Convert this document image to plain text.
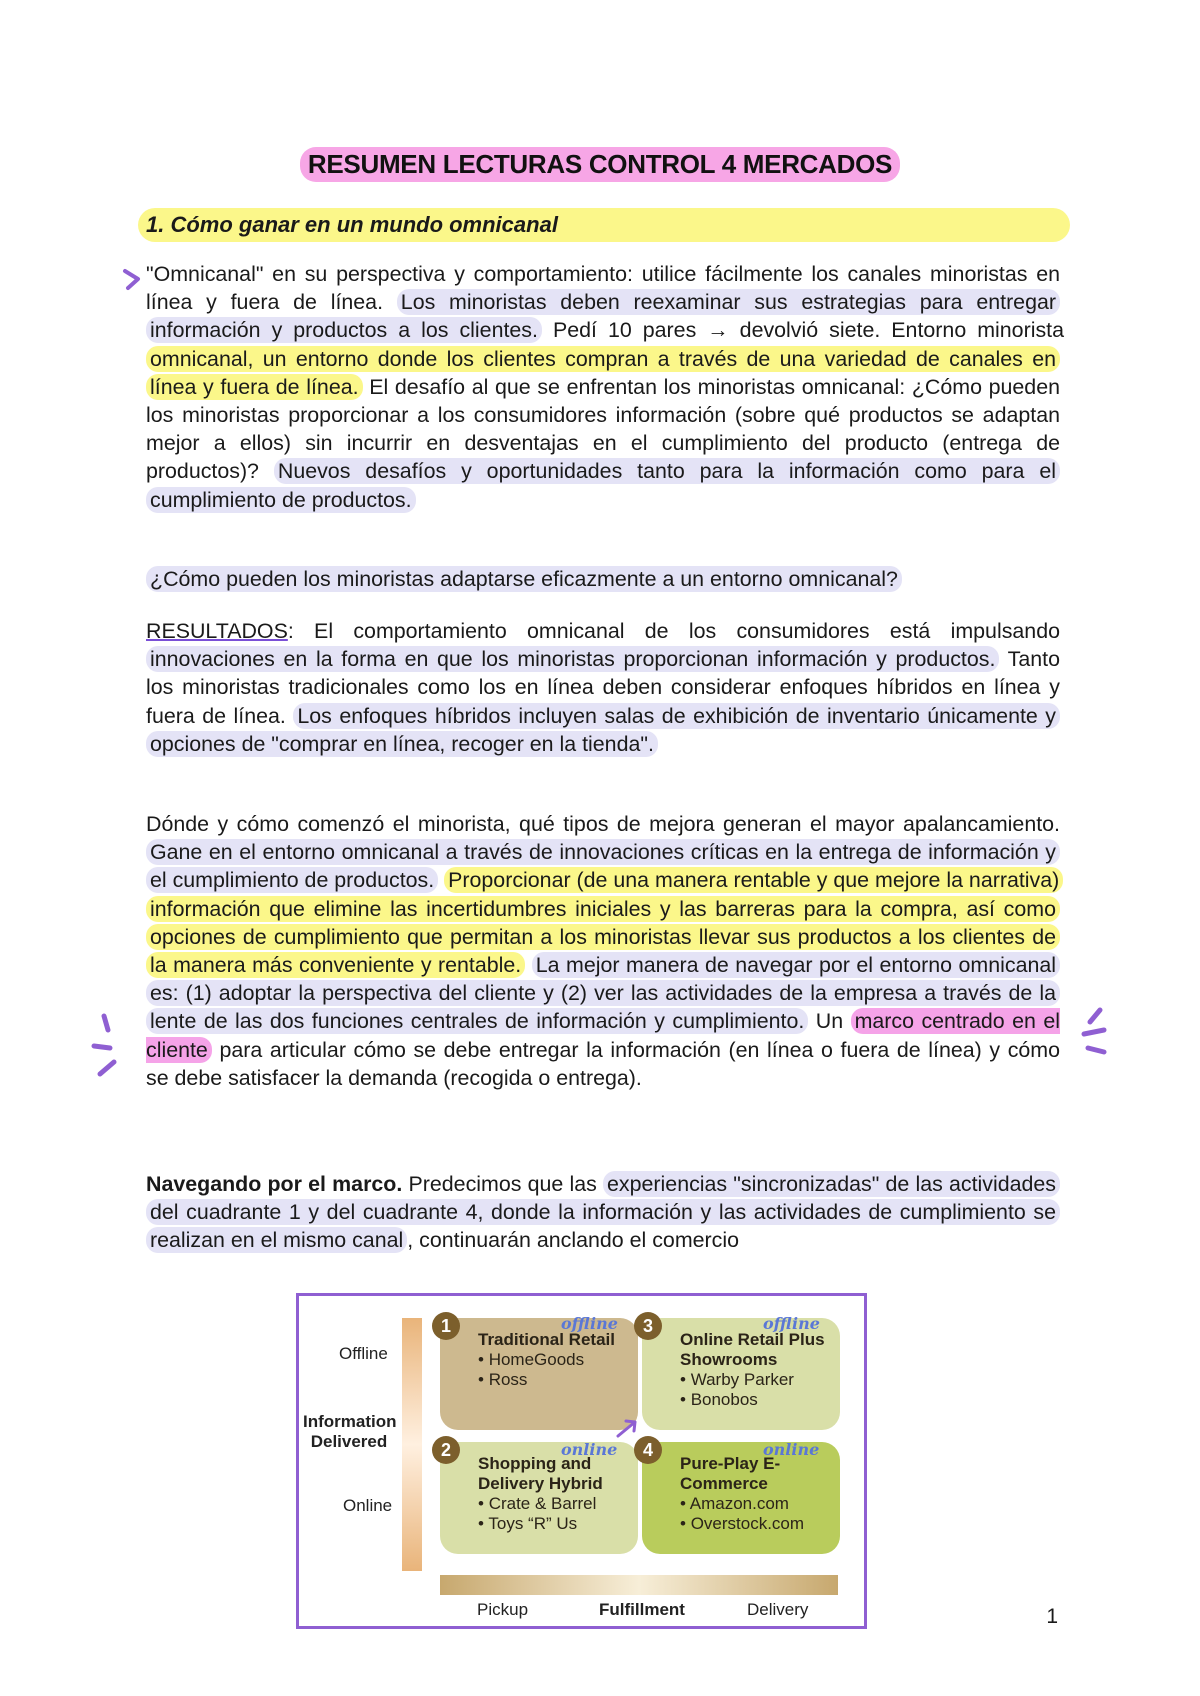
RESUMEN LECTURAS CONTROL 4 MERCADOS
1. Cómo ganar en un mundo omnicanal

"Omnicanal" en su perspectiva y comportamiento: utilice fácilmente los canales minoristas en línea y fuera de línea. Los minoristas deben reexaminar sus estrategias para entregar información y productos a los clientes. Pedí 10 pares → devolvió siete. Entorno minorista omnicanal, un entorno donde los clientes compran a través de una variedad de canales en línea y fuera de línea. El desafío al que se enfrentan los minoristas omnicanal: ¿Cómo pueden los minoristas proporcionar a los consumidores información (sobre qué productos se adaptan mejor a ellos) sin incurrir en desventajas en el cumplimiento del producto (entrega de productos)? Nuevos desafíos y oportunidades tanto para la información como para el cumplimiento de productos.

¿Cómo pueden los minoristas adaptarse eficazmente a un entorno omnicanal?

RESULTADOS: El comportamiento omnicanal de los consumidores está impulsando innovaciones en la forma en que los minoristas proporcionan información y productos. Tanto los minoristas tradicionales como los en línea deben considerar enfoques híbridos en línea y fuera de línea. Los enfoques híbridos incluyen salas de exhibición de inventario únicamente y opciones de "comprar en línea, recoger en la tienda".

Dónde y cómo comenzó el minorista, qué tipos de mejora generan el mayor apalancamiento. Gane en el entorno omnicanal a través de innovaciones críticas en la entrega de información y el cumplimiento de productos. Proporcionar (de una manera rentable y que mejore la narrativa) información que elimine las incertidumbres iniciales y las barreras para la compra, así como opciones de cumplimiento que permitan a los minoristas llevar sus productos a los clientes de la manera más conveniente y rentable. La mejor manera de navegar por el entorno omnicanal es: (1) adoptar la perspectiva del cliente y (2) ver las actividades de la empresa a través de la lente de las dos funciones centrales de información y cumplimiento. Un marco centrado en el cliente para articular cómo se debe entregar la información (en línea o fuera de línea) y cómo se debe satisfacer la demanda (recogida o entrega).

Navegando por el marco. Predecimos que las experiencias "sincronizadas" de las actividades del cuadrante 1 y del cuadrante 4, donde la información y las actividades de cumplimiento se realizan en el mismo canal , continuarán anclando el comercio

Offline
Information Delivered
Online
Pickup	Fulfillment	Delivery
Traditional Retail
• HomeGoods
• Ross
1	offline
Online Retail Plus Showrooms
• Warby Parker
• Bonobos
3	offline
Shopping and Delivery Hybrid
• Crate & Barrel
• Toys “R” Us
2	online
Pure-Play E-Commerce
• Amazon.com
• Overstock.com
4	online
1
